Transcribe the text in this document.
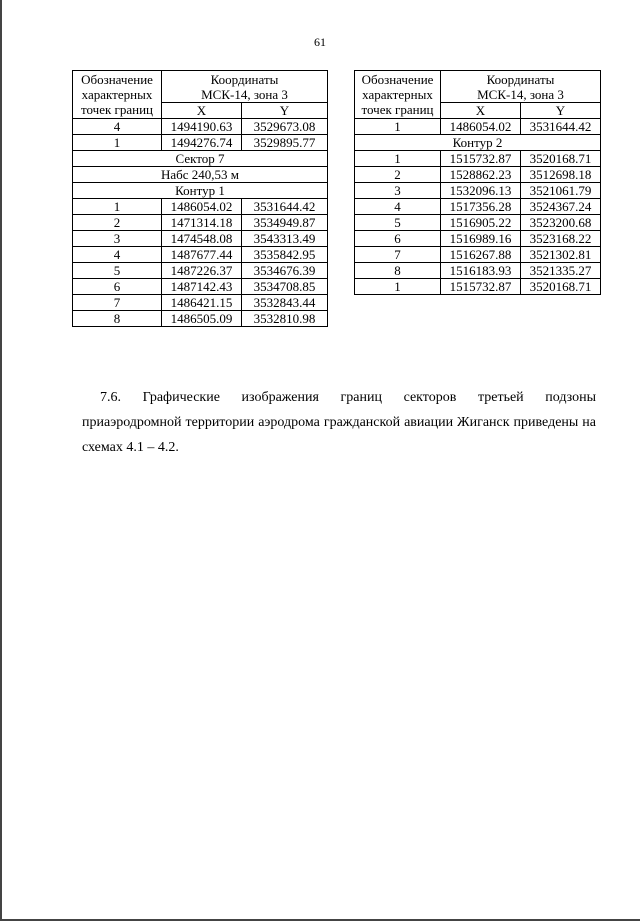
61
Обозначение
характерных
точек границ	Координаты
МСК-14, зона 3	

	X	Y
4	1494190.63	3529673.08
1	1494276.74	3529895.77
Сектор 7		
Нaбс 240,53 м		
Контур 1		
1	1486054.02	3531644.42
2	1471314.18	3534949.87
3	1474548.08	3543313.49
4	1487677.44	3535842.95
5	1487226.37	3534676.39
6	1487142.43	3534708.85
7	1486421.15	3532843.44
8	1486505.09	3532810.98
Обозначение
характерных
точек границ	Координаты
МСК-14, зона 3	

	X	Y
1	1486054.02	3531644.42
Контур 2		
1	1515732.87	3520168.71
2	1528862.23	3512698.18
3	1532096.13	3521061.79
4	1517356.28	3524367.24
5	1516905.22	3523200.68
6	1516989.16	3523168.22
7	1516267.88	3521302.81
8	1516183.93	3521335.27
1	1515732.87	3520168.71
7.6. Графические изображения границ секторов третьей подзоны
приаэродромной территории аэродрома гражданской авиации Жиганск приведены на
схемах 4.1 – 4.2.
